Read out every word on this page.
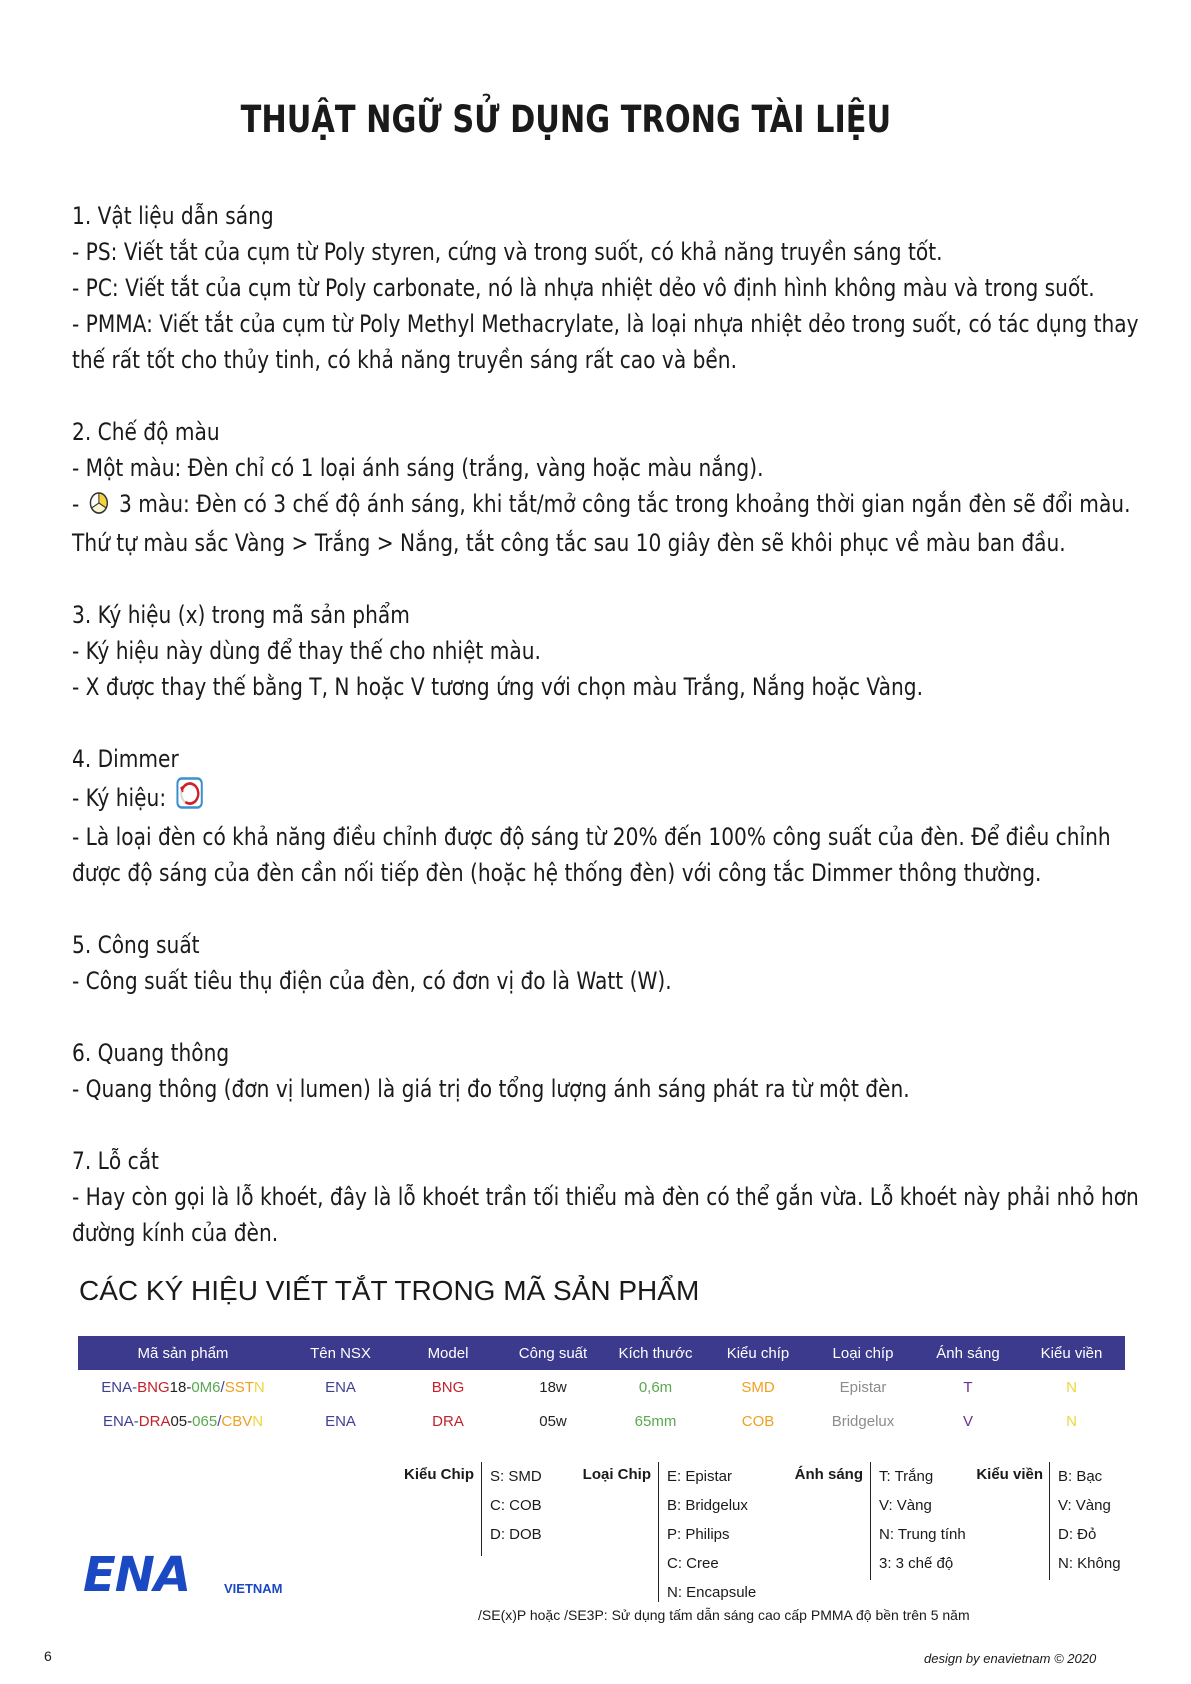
THUẬT NGỮ SỬ DỤNG TRONG TÀI LIỆU
1. Vật liệu dẫn sáng
- PS: Viết tắt của cụm từ Poly styren, cứng và trong suốt, có khả năng truyền sáng tốt.
- PC: Viết tắt của cụm từ Poly carbonate, nó là nhựa nhiệt dẻo vô định hình không màu và trong suốt.
- PMMA: Viết tắt của cụm từ Poly Methyl Methacrylate, là loại nhựa nhiệt dẻo trong suốt, có tác dụng thay
thế rất tốt cho thủy tinh, có khả năng truyền sáng rất cao và bền.
2. Chế độ màu
- Một màu: Đèn chỉ có 1 loại ánh sáng (trắng, vàng hoặc màu nắng).
- 3 màu: Đèn có 3 chế độ ánh sáng, khi tắt/mở công tắc trong khoảng thời gian ngắn đèn sẽ đổi màu.
Thứ tự màu sắc Vàng > Trắng > Nắng, tắt công tắc sau 10 giây đèn sẽ khôi phục về màu ban đầu.
3. Ký hiệu (x) trong mã sản phẩm
- Ký hiệu này dùng để thay thế cho nhiệt màu.
- X được thay thế bằng T, N hoặc V tương ứng với chọn màu Trắng, Nắng hoặc Vàng.
4. Dimmer
- Ký hiệu:
- Là loại đèn có khả năng điều chỉnh được độ sáng từ 20% đến 100% công suất của đèn. Để điều chỉnh
được độ sáng của đèn cần nối tiếp đèn (hoặc hệ thống đèn) với công tắc Dimmer thông thường.
5. Công suất
- Công suất tiêu thụ điện của đèn, có đơn vị đo là Watt (W).
6. Quang thông
- Quang thông (đơn vị lumen) là giá trị đo tổng lượng ánh sáng phát ra từ một đèn.
7. Lỗ cắt
- Hay còn gọi là lỗ khoét, đây là lỗ khoét trần tối thiểu mà đèn có thể gắn vừa. Lỗ khoét này phải nhỏ hơn
đường kính của đèn.
CÁC KÝ HIỆU VIẾT TẮT TRONG MÃ SẢN PHẨM
Mã sản phẩm	Tên NSX	Model	Công suất	Kích thước	Kiểu chíp	Loại chíp	Ánh sáng	Kiểu viền
ENA-BNG18-0M6/SSTN	ENA	BNG	18w	0,6m	SMD	Epistar	T	N
ENA-DRA05-065/CBVN	ENA	DRA	05w	65mm	COB	Bridgelux	V	N
Kiểu Chip S: SMD
C: COB
D: DOB
Loại Chip E: Epistar
B: Bridgelux
P: Philips
C: Cree
N: Encapsule
Ánh sáng T: Trắng
V: Vàng
N: Trung tính
3: 3 chế độ
Kiểu viền B: Bạc
V: Vàng
D: Đỏ
N: Không
ENA	VIETNAM
/SE(x)P hoặc /SE3P: Sử dụng tấm dẫn sáng cao cấp PMMA độ bền trên 5 năm
6	design by enavietnam © 2020
